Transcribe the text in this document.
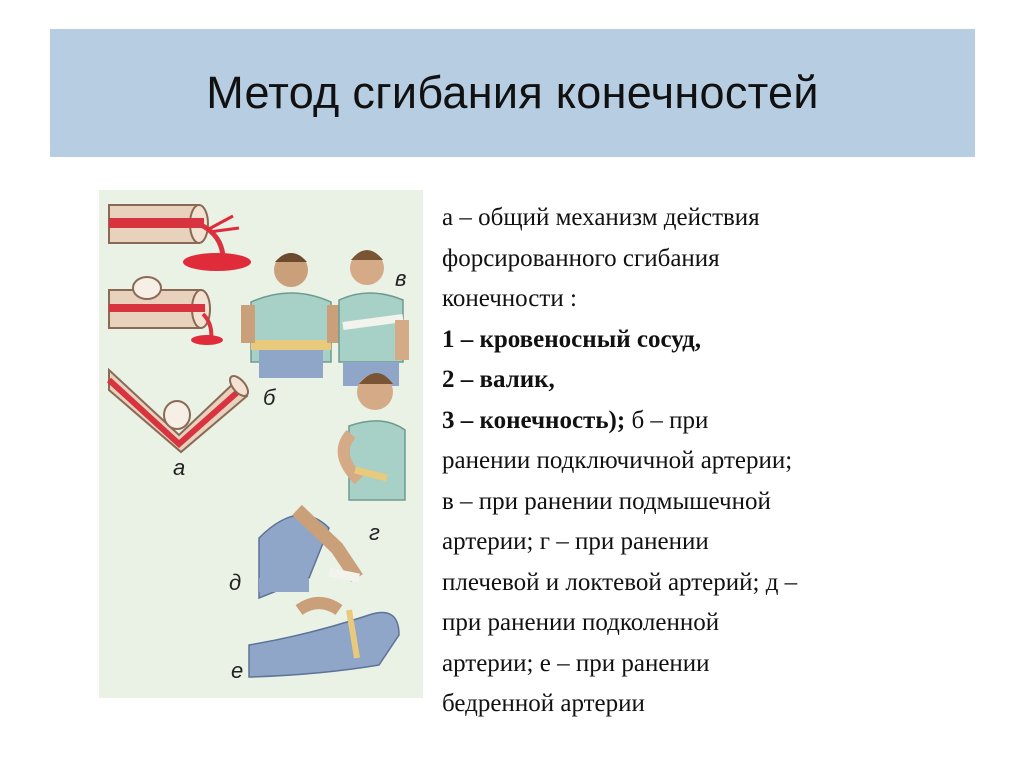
Метод сгибания конечностей
а
б
в
г
д
е

а – общий механизм действия

форсированного сгибания

конечности :

1 – кровеносный сосуд,

2 – валик,

3 – конечность); б – при

ранении подключичной артерии;

в – при ранении подмышечной

артерии; г – при ранении

плечевой и локтевой артерий; д –

при ранении подколенной

артерии; е – при ранении

бедренной артерии
